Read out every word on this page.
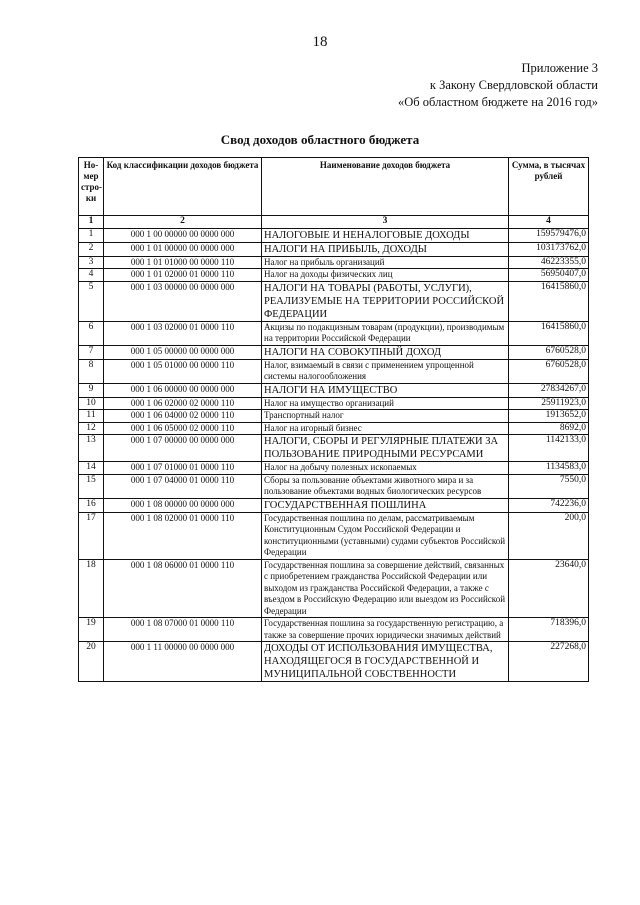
18
Приложение 3
к Закону Свердловской области
«Об областном бюджете на 2016 год»
Свод доходов областного бюджета
Но-мер стро-ки	Код классификации доходов бюджета	Наименование доходов бюджета	Сумма, в тысячах рублей
1	2	3	4
1	000 1 00 00000 00 0000 000	НАЛОГОВЫЕ И НЕНАЛОГОВЫЕ ДОХОДЫ	159579476,0
2	000 1 01 00000 00 0000 000	НАЛОГИ НА ПРИБЫЛЬ, ДОХОДЫ	103173762,0
3	000 1 01 01000 00 0000 110	Налог на прибыль организаций	46223355,0
4	000 1 01 02000 01 0000 110	Налог на доходы физических лиц	56950407,0
5	000 1 03 00000 00 0000 000	НАЛОГИ НА ТОВАРЫ (РАБОТЫ, УСЛУГИ), РЕАЛИЗУЕМЫЕ НА ТЕРРИТОРИИ РОССИЙСКОЙ ФЕДЕРАЦИИ	16415860,0
6	000 1 03 02000 01 0000 110	Акцизы по подакцизным товарам (продукции), производимым на территории Российской Федерации	16415860,0
7	000 1 05 00000 00 0000 000	НАЛОГИ НА СОВОКУПНЫЙ ДОХОД	6760528,0
8	000 1 05 01000 00 0000 110	Налог, взимаемый в связи с применением упрощенной системы налогообложения	6760528,0
9	000 1 06 00000 00 0000 000	НАЛОГИ НА ИМУЩЕСТВО	27834267,0
10	000 1 06 02000 02 0000 110	Налог на имущество организаций	25911923,0
11	000 1 06 04000 02 0000 110	Транспортный налог	1913652,0
12	000 1 06 05000 02 0000 110	Налог на игорный бизнес	8692,0
13	000 1 07 00000 00 0000 000	НАЛОГИ, СБОРЫ И РЕГУЛЯРНЫЕ ПЛАТЕЖИ ЗА ПОЛЬЗОВАНИЕ ПРИРОДНЫМИ РЕСУРСАМИ	1142133,0
14	000 1 07 01000 01 0000 110	Налог на добычу полезных ископаемых	1134583,0
15	000 1 07 04000 01 0000 110	Сборы за пользование объектами животного мира и за пользование объектами водных биологических ресурсов	7550,0
16	000 1 08 00000 00 0000 000	ГОСУДАРСТВЕННАЯ ПОШЛИНА	742236,0
17	000 1 08 02000 01 0000 110	Государственная пошлина по делам, рассматриваемым Конституционным Судом Российской Федерации и конституционными (уставными) судами субъектов Российской Федерации	200,0
18	000 1 08 06000 01 0000 110	Государственная пошлина за совершение действий, связанных с приобретением гражданства Российской Федерации или выходом из гражданства Российской Федерации, а также с въездом в Российскую Федерацию или выездом из Российской Федерации	23640,0
19	000 1 08 07000 01 0000 110	Государственная пошлина за государственную регистрацию, а также за совершение прочих юридически значимых действий	718396,0
20	000 1 11 00000 00 0000 000	ДОХОДЫ ОТ ИСПОЛЬЗОВАНИЯ ИМУЩЕСТВА, НАХОДЯЩЕГОСЯ В ГОСУДАРСТВЕННОЙ И МУНИЦИПАЛЬНОЙ СОБСТВЕННОСТИ	227268,0
